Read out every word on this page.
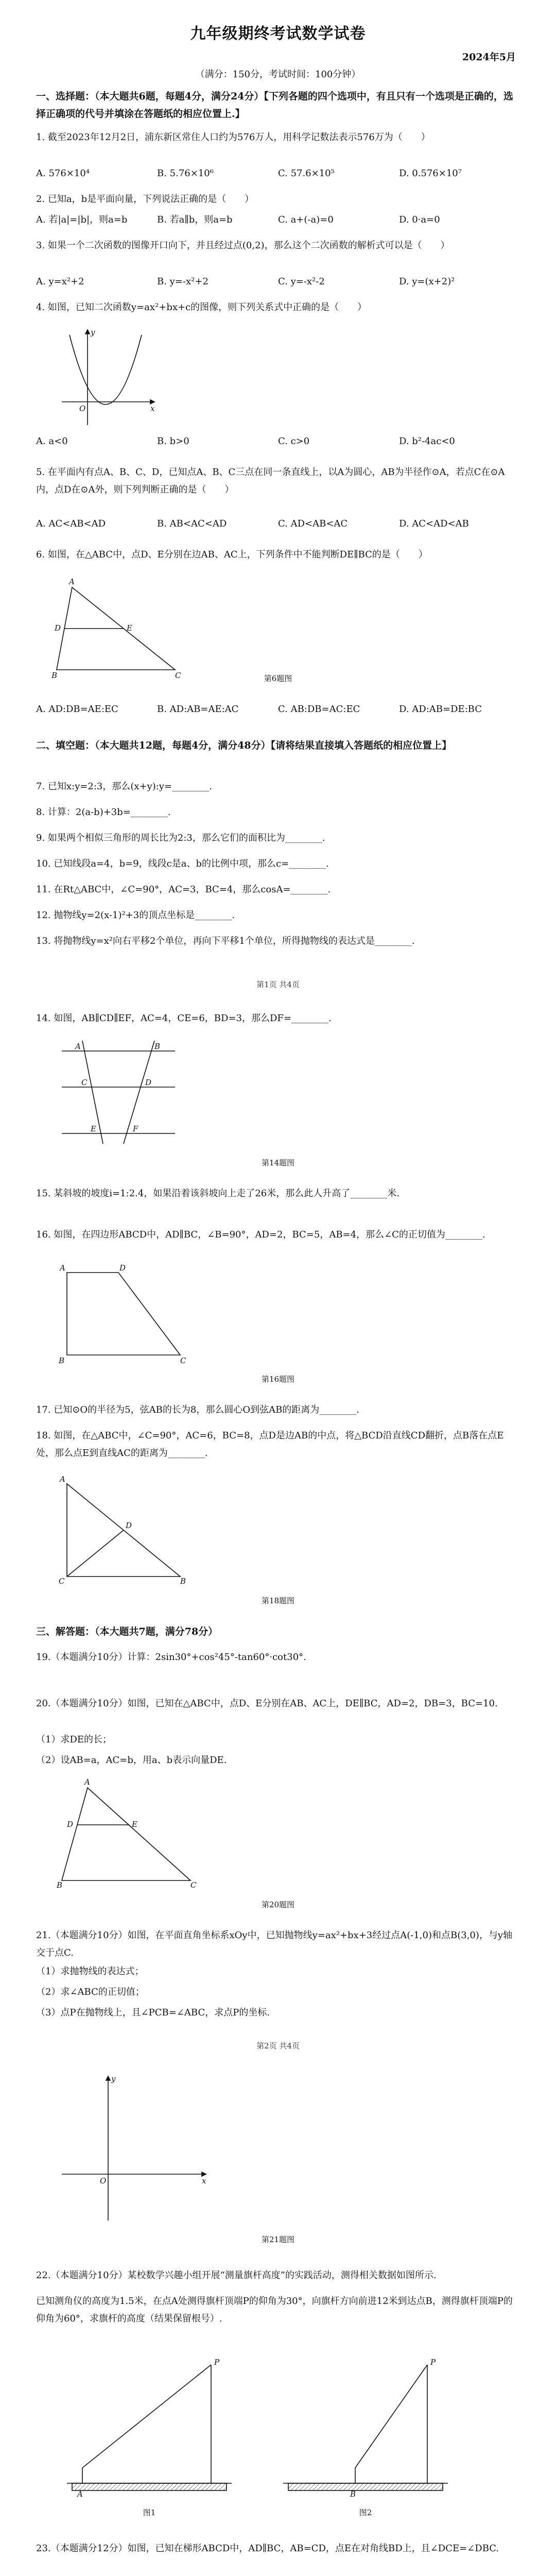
九年级期终考试数学试卷
2024年5月
（满分：150分，考试时间：100分钟）
一、选择题：（本大题共6题，每题4分，满分24分）【下列各题的四个选项中，有且只有一个选项是正确的，选择正确项的代号并填涂在答题纸的相应位置上.】
1. 截至2023年12月2日，浦东新区常住人口约为576万人，用科学记数法表示576万为（　　）
A. 576×10⁴	B. 5.76×10⁶	C. 57.6×10⁵	D. 0.576×10⁷
2. 已知a，b是平面向量，下列说法正确的是（　　）
A. 若|a|=|b|，则a=b	B. 若a∥b，则a=b	C. a+(-a)=0	D. 0·a=0
3. 如果一个二次函数的图像开口向下，并且经过点(0,2)，那么这个二次函数的解析式可以是（　　）
A. y=x²+2	B. y=-x²+2	C. y=-x²-2	D. y=(x+2)²
4. 如图，已知二次函数y=ax²+bx+c的图像，则下列关系式中正确的是（　　）
x
y
O
A. a<0	B. b>0	C. c>0	D. b²-4ac<0
5. 在平面内有点A、B、C、D，已知点A、B、C三点在同一条直线上，以A为圆心，AB为半径作⊙A，若点C在⊙A内，点D在⊙A外，则下列判断正确的是（　　）
A. AC<AB<AD	B. AB<AC<AD	C. AD<AB<AC	D. AC<AD<AB
6. 如图，在△ABC中，点D、E分别在边AB、AC上，下列条件中不能判断DE∥BC的是（　　）
A
B	C
D	E
第6题图
A. AD:DB=AE:EC	B. AD:AB=AE:AC	C. AB:DB=AC:EC	D. AD:AB=DE:BC
二、填空题：（本大题共12题，每题4分，满分48分）【请将结果直接填入答题纸的相应位置上】
7. 已知x:y=2:3，那么(x+y):y=________.
8. 计算：2(a-b)+3b=________.
9. 如果两个相似三角形的周长比为2:3，那么它们的面积比为________.
10. 已知线段a=4，b=9，线段c是a、b的比例中项，那么c=________.
11. 在Rt△ABC中，∠C=90°，AC=3，BC=4，那么cosA=________.
12. 抛物线y=2(x-1)²+3的顶点坐标是________.
13. 将抛物线y=x²向右平移2个单位，再向下平移1个单位，所得抛物线的表达式是________.
第1页 共4页
14. 如图，AB∥CD∥EF，AC=4，CE=6，BD=3，那么DF=________.
A	B
C	D
E	F
第14题图
15. 某斜坡的坡度i=1:2.4，如果沿着该斜坡向上走了26米，那么此人升高了________米.
16. 如图，在四边形ABCD中，AD∥BC，∠B=90°，AD=2，BC=5，AB=4，那么∠C的正切值为________.
A	D
B	C
第16题图
17. 已知⊙O的半径为5，弦AB的长为8，那么圆心O到弦AB的距离为________.
18. 如图，在△ABC中，∠C=90°，AC=6，BC=8，点D是边AB的中点，将△BCD沿直线CD翻折，点B落在点E处，那么点E到直线AC的距离为________.
A
C	B
D
第18题图
三、解答题：（本大题共7题，满分78分）
19.（本题满分10分）计算：2sin30°+cos²45°-tan60°·cot30°.
20.（本题满分10分）如图，已知在△ABC中，点D、E分别在AB、AC上，DE∥BC，AD=2，DB=3，BC=10.
（1）求DE的长；
（2）设AB=a，AC=b，用a、b表示向量DE.
A
B	C
D	E
第20题图
21.（本题满分10分）如图，在平面直角坐标系xOy中，已知抛物线y=ax²+bx+3经过点A(-1,0)和点B(3,0)，与y轴交于点C.
（1）求抛物线的表达式；
（2）求∠ABC的正切值；
（3）点P在抛物线上，且∠PCB=∠ABC，求点P的坐标.
第2页 共4页
x
y
O
第21题图
22.（本题满分10分）某校数学兴趣小组开展“测量旗杆高度”的实践活动，测得相关数据如图所示.
已知测角仪的高度为1.5米，在点A处测得旗杆顶端P的仰角为30°，向旗杆方向前进12米到达点B，测得旗杆顶端P的仰角为60°，求旗杆的高度（结果保留根号）.
P
A
P
B
图1	图2
23.（本题满分12分）如图，已知在梯形ABCD中，AD∥BC，AB=CD，点E在对角线BD上，且∠DCE=∠DBC.
